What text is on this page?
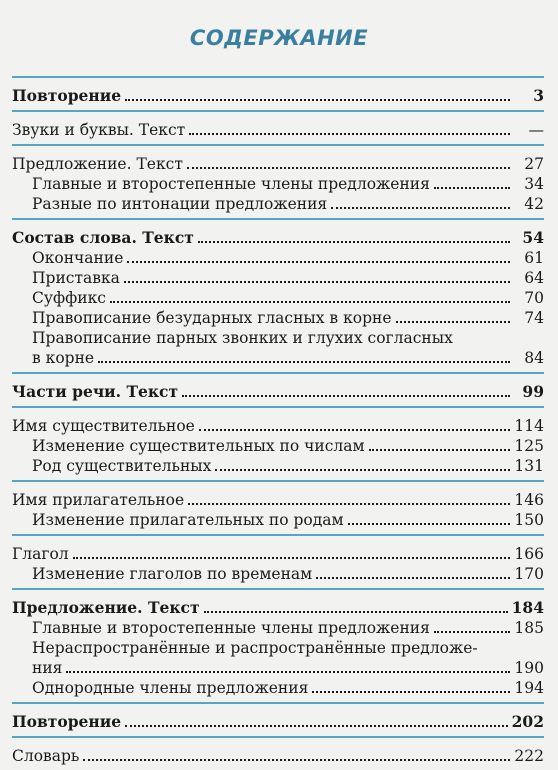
СОДЕРЖАНИЕ
Повторение	3
Звуки и буквы. Текст	—
Предложение. Текст	27
Главные и второстепенные члены предложения	34
Разные по интонации предложения	42
Состав слова. Текст	54
Окончание	61
Приставка	64
Суффикс	70
Правописание безударных гласных в корне	74
Правописание парных звонких и глухих согласных
в корне	84
Части речи. Текст	99
Имя существительное	114
Изменение существительных по числам	125
Род существительных	131
Имя прилагательное	146
Изменение прилагательных по родам	150
Глагол	166
Изменение глаголов по временам	170
Предложение. Текст	184
Главные и второстепенные члены предложения	185
Нераспространённые и распространённые предложе-
ния	190
Однородные члены предложения	194
Повторение	202
Словарь	222
